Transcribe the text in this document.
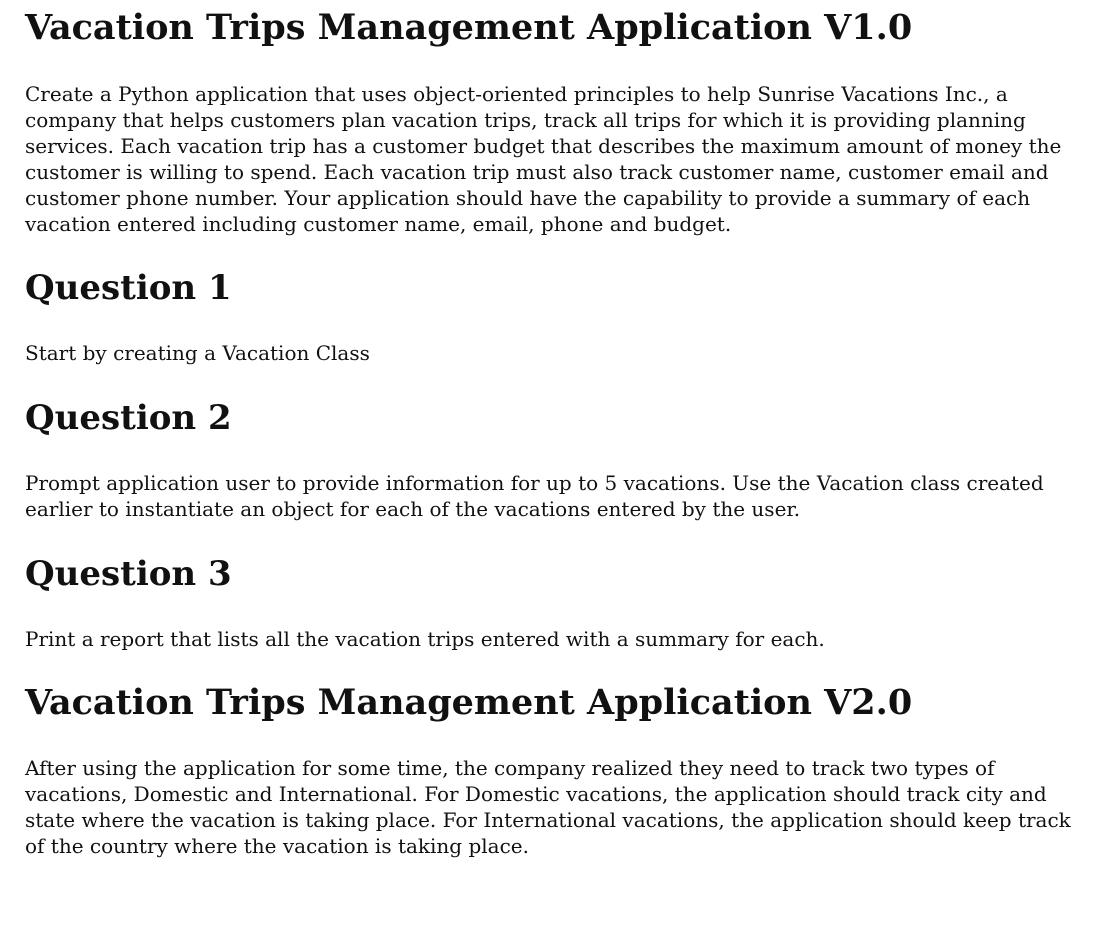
Vacation Trips Management Application V1.0

Create a Python application that uses object-oriented principles to help Sunrise Vacations Inc., a company that helps customers plan vacation trips, track all trips for which it is providing planning services. Each vacation trip has a customer budget that describes the maximum amount of money the customer is willing to spend. Each vacation trip must also track customer name, customer email and customer phone number. Your application should have the capability to provide a summary of each vacation entered including customer name, email, phone and budget.

Question 1

Start by creating a Vacation Class

Question 2

Prompt application user to provide information for up to 5 vacations. Use the Vacation class created earlier to instantiate an object for each of the vacations entered by the user.

Question 3

Print a report that lists all the vacation trips entered with a summary for each.

Vacation Trips Management Application V2.0

After using the application for some time, the company realized they need to track two types of vacations, Domestic and International. For Domestic vacations, the application should track city and state where the vacation is taking place. For International vacations, the application should keep track of the country where the vacation is taking place.
